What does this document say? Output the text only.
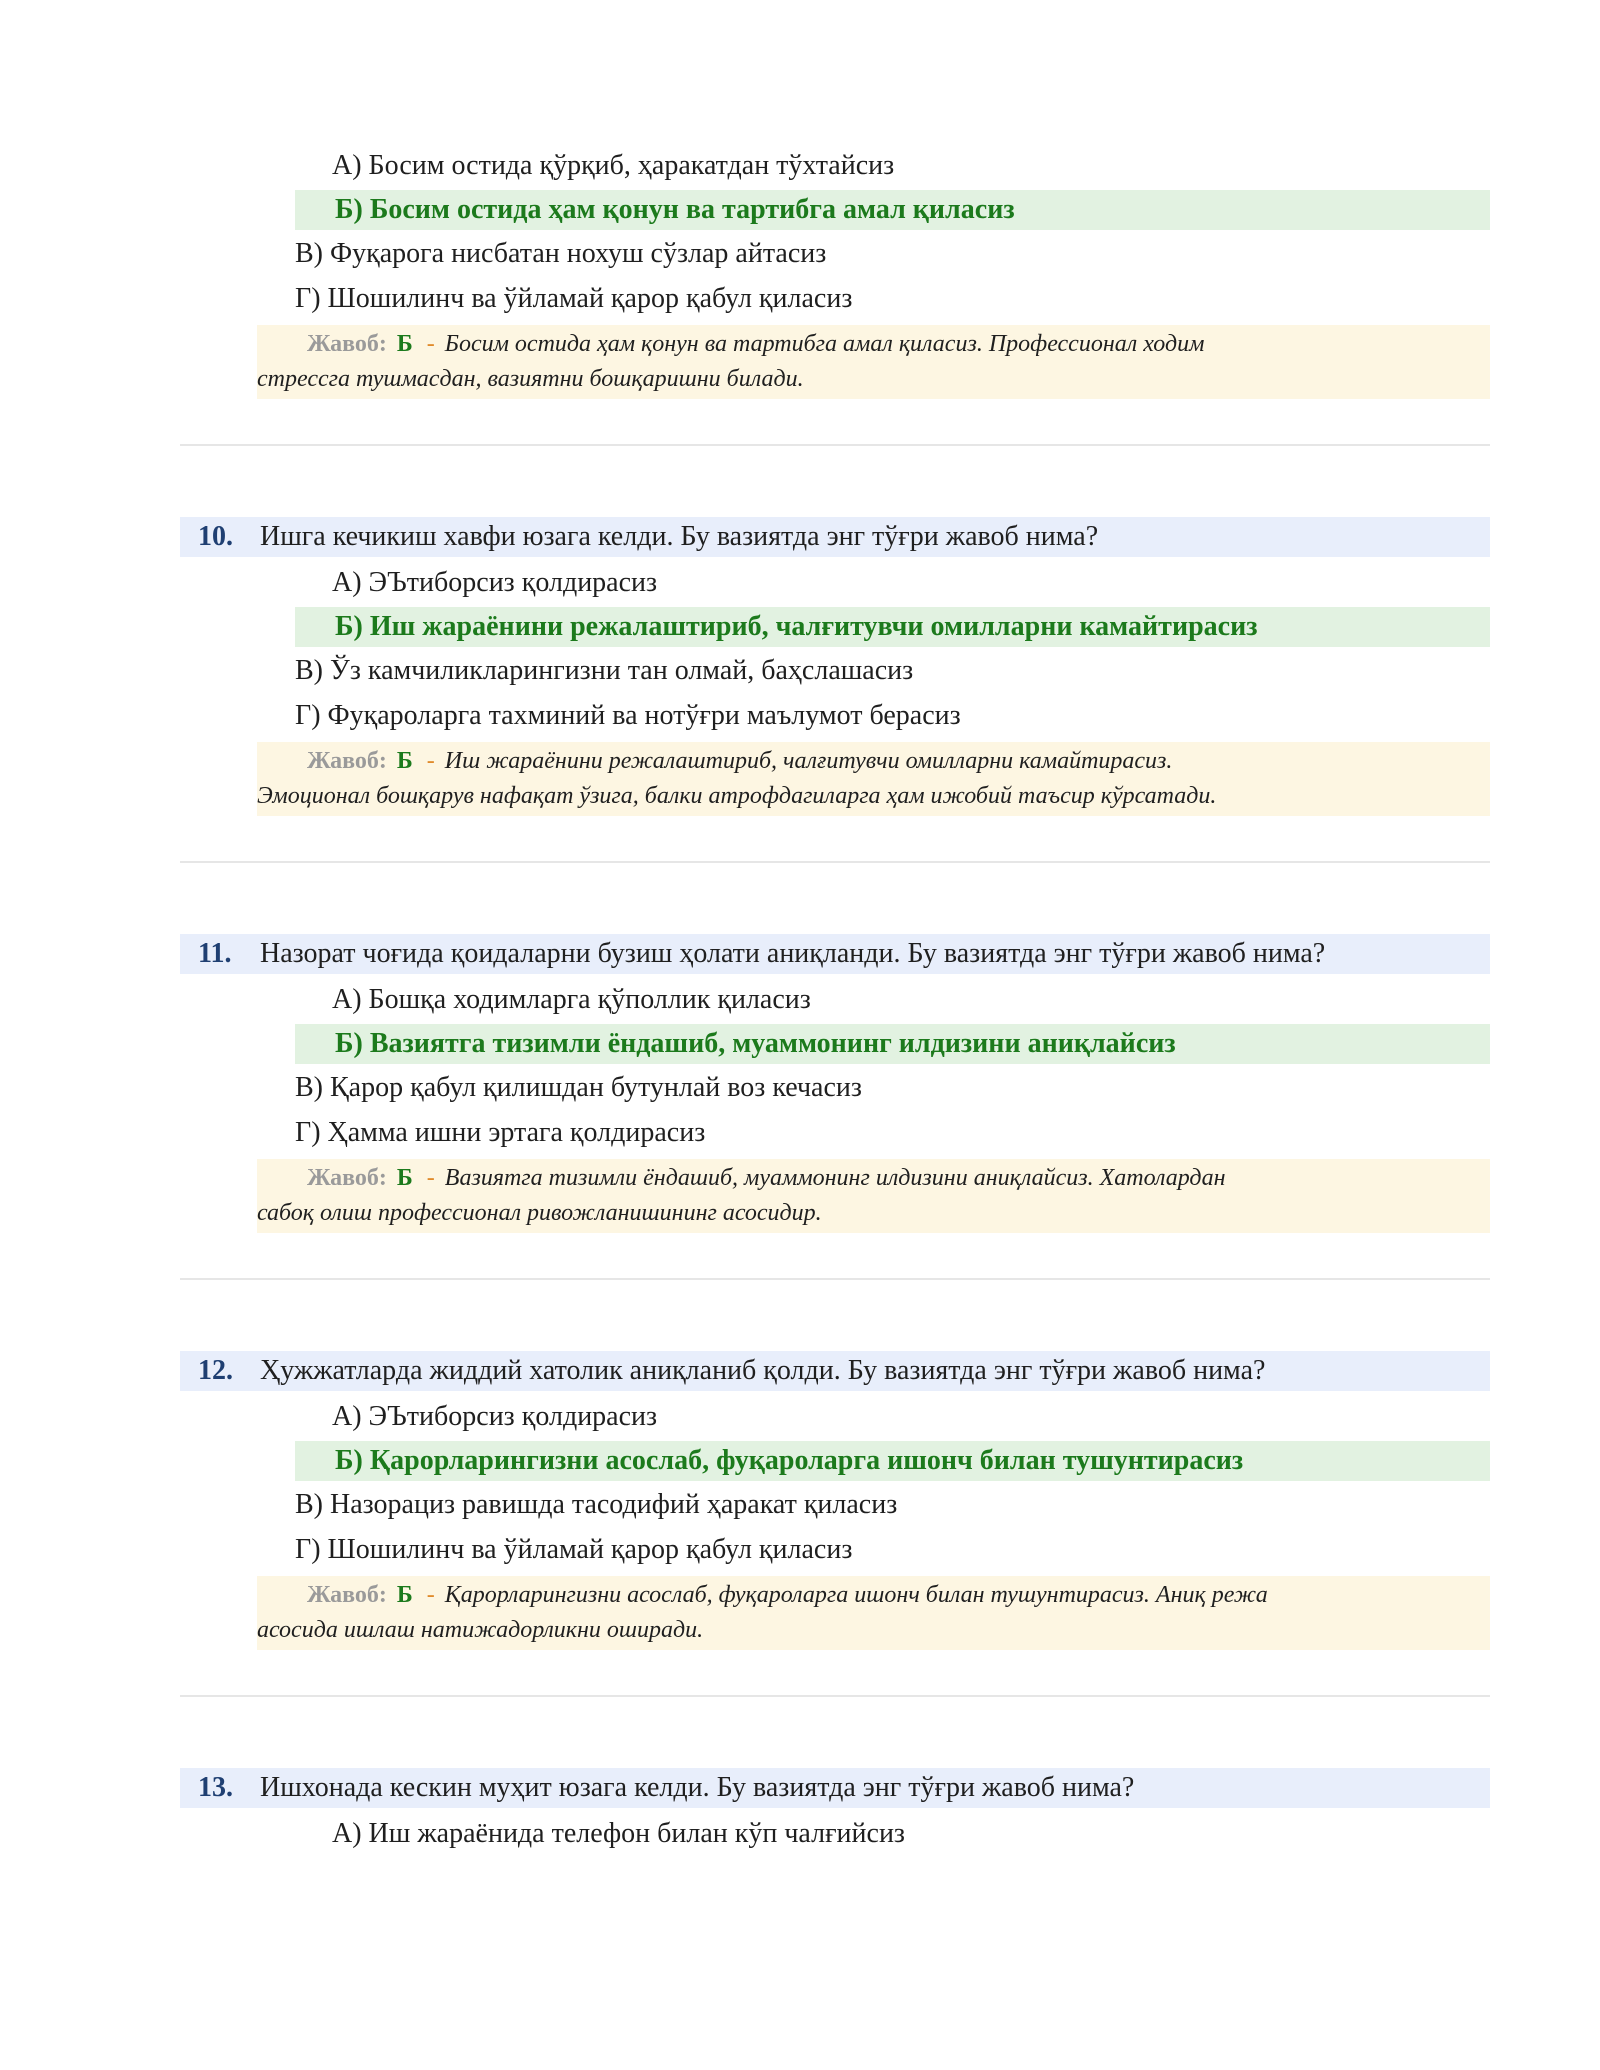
А) Босим остида қўрқиб, ҳаракатдан тўхтайсиз
Б) Босим остида ҳам қонун ва тартибга амал қиласиз
В) Фуқарога нисбатан нохуш сўзлар айтасиз
Г) Шошилинч ва ўйламай қарор қабул қиласиз
Жавоб: Б - Босим остида ҳам қонун ва тартибга амал қиласиз. Профессионал ходим
стрессга тушмасдан, вазиятни бошқаришни билади.
10. Ишга кечикиш хавфи юзага келди. Бу вазиятда энг тўғри жавоб нима?
А) ЭЪтиборсиз қолдирасиз
Б) Иш жараёнини режалаштириб, чалғитувчи омилларни камайтирасиз
В) Ўз камчиликларингизни тан олмай, баҳслашасиз
Г) Фуқароларга тахминий ва нотўғри маълумот берасиз
Жавоб: Б - Иш жараёнини режалаштириб, чалғитувчи омилларни камайтирасиз.
Эмоционал бошқарув нафақат ўзига, балки атрофдагиларга ҳам ижобий таъсир кўрсатади.
11.	Назорат чоғида қоидаларни бузиш ҳолати аниқланди. Бу вазиятда энг тўғри жавоб нима?
А) Бошқа ходимларга қўполлик қиласиз
Б) Вазиятга тизимли ёндашиб, муаммонинг илдизини аниқлайсиз
В) Қарор қабул қилишдан бутунлай воз кечасиз
Г) Ҳамма ишни эртага қолдирасиз
Жавоб: Б - Вазиятга тизимли ёндашиб, муаммонинг илдизини аниқлайсиз. Хатолардан
сабоқ олиш профессионал ривожланишининг асосидир.
12. Ҳужжатларда жиддий хатолик аниқланиб қолди. Бу вазиятда энг тўғри жавоб нима?
А) ЭЪтиборсиз қолдирасиз
Б) Қарорларингизни асослаб, фуқароларга ишонч билан тушунтирасиз
В) Назорациз равишда тасодифий ҳаракат қиласиз
Г) Шошилинч ва ўйламай қарор қабул қиласиз
Жавоб: Б - Қарорларингизни асослаб, фуқароларга ишонч билан тушунтирасиз. Аниқ режа
асосида ишлаш натижадорликни оширади.
13. Ишхонада кескин муҳит юзага келди. Бу вазиятда энг тўғри жавоб нима?
А) Иш жараёнида телефон билан кўп чалғийсиз
